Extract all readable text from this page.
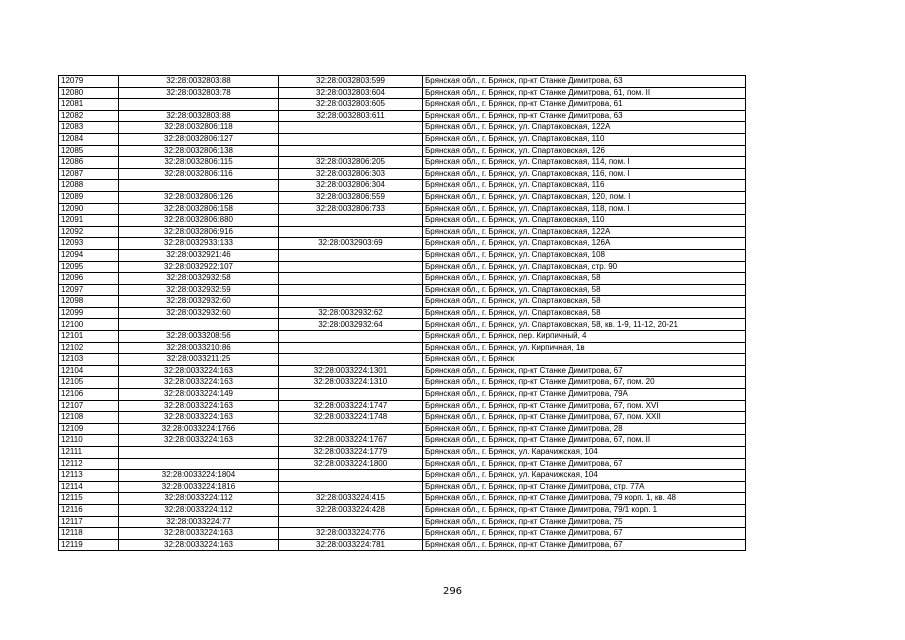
12079	32:28:0032803:88	32:28:0032803:599	Брянская обл., г. Брянск, пр-кт Станке Димитрова, 63
12080	32:28:0032803:78	32:28:0032803:604	Брянская обл., г. Брянск, пр-кт Станке Димитрова, 61, пом. II
12081		32:28:0032803:605	Брянская обл., г. Брянск, пр-кт Станке Димитрова, 61
12082	32:28:0032803:88	32:28:0032803:611	Брянская обл., г. Брянск, пр-кт Станке Димитрова, 63
12083	32:28:0032806:118		Брянская обл., г. Брянск, ул. Спартаковская, 122А
12084	32:28:0032806:127		Брянская обл., г. Брянск, ул. Спартаковская, 110
12085	32:28:0032806:138		Брянская обл., г. Брянск, ул. Спартаковская, 126
12086	32:28:0032806:115	32:28:0032806:205	Брянская обл., г. Брянск, ул. Спартаковская, 114, пом. I
12087	32:28:0032806:116	32:28:0032806:303	Брянская обл., г. Брянск, ул. Спартаковская, 116, пом. I
12088		32:28:0032806:304	Брянская обл., г. Брянск, ул. Спартаковская, 116
12089	32:28:0032806:126	32:28:0032806:559	Брянская обл., г. Брянск, ул. Спартаковская, 120, пом. I
12090	32:28:0032806:158	32:28:0032806:733	Брянская обл., г. Брянск, ул. Спартаковская, 118, пом. I
12091	32:28:0032806:880		Брянская обл., г. Брянск, ул. Спартаковская, 110
12092	32:28:0032806:916		Брянская обл., г. Брянск, ул. Спартаковская, 122А
12093	32:28:0032933:133	32:28:0032903:69	Брянская обл., г. Брянск, ул. Спартаковская, 126А
12094	32:28:0032921:46		Брянская обл., г. Брянск, ул. Спартаковская, 108
12095	32:28:0032922:107		Брянская обл., г. Брянск, ул. Спартаковская, стр. 90
12096	32:28:0032932:58		Брянская обл., г. Брянск, ул. Спартаковская, 58
12097	32:28:0032932:59		Брянская обл., г. Брянск, ул. Спартаковская, 58
12098	32:28:0032932:60		Брянская обл., г. Брянск, ул. Спартаковская, 58
12099	32:28:0032932:60	32:28:0032932:62	Брянская обл., г. Брянск, ул. Спартаковская, 58
12100		32:28:0032932:64	Брянская обл., г. Брянск, ул. Спартаковская, 58, кв. 1-9, 11-12, 20-21
12101	32:28:0033208:56		Брянская обл., г. Брянск, пер. Кирпичный, 4
12102	32:28:0033210:86		Брянская обл., г. Брянск, ул. Кирпичная, 1в
12103	32:28:0033211:25		Брянская обл., г. Брянск
12104	32:28:0033224:163	32:28:0033224:1301	Брянская обл., г. Брянск, пр-кт Станке Димитрова, 67
12105	32:28:0033224:163	32:28:0033224:1310	Брянская обл., г. Брянск, пр-кт Станке Димитрова, 67, пом. 20
12106	32:28:0033224:149		Брянская обл., г. Брянск, пр-кт Станке Димитрова, 79А
12107	32:28:0033224:163	32:28:0033224:1747	Брянская обл., г. Брянск, пр-кт Станке Димитрова, 67, пом. XVI
12108	32:28:0033224:163	32:28:0033224:1748	Брянская обл., г. Брянск, пр-кт Станке Димитрова, 67, пом. XXII
12109	32:28:0033224:1766		Брянская обл., г. Брянск, пр-кт Станке Димитрова, 28
12110	32:28:0033224:163	32:28:0033224:1767	Брянская обл., г. Брянск, пр-кт Станке Димитрова, 67, пом. II
12111		32:28:0033224:1779	Брянская обл., г. Брянск, ул. Карачижская, 104
12112		32:28:0033224:1800	Брянская обл., г. Брянск, пр-кт Станке Димитрова, 67
12113	32:28:0033224:1804		Брянская обл., г. Брянск, ул. Карачижская, 104
12114	32:28:0033224:1816		Брянская обл., г. Брянск, пр-кт Станке Димитрова, стр. 77А
12115	32:28:0033224:112	32:28:0033224:415	Брянская обл., г. Брянск, пр-кт Станке Димитрова, 79 корп. 1, кв. 48
12116	32:28:0033224:112	32:28:0033224:428	Брянская обл., г. Брянск, пр-кт Станке Димитрова, 79/1 корп. 1
12117	32:28:0033224:77		Брянская обл., г. Брянск, пр-кт Станке Димитрова, 75
12118	32:28:0033224:163	32:28:0033224:776	Брянская обл., г. Брянск, пр-кт Станке Димитрова, 67
12119	32:28:0033224:163	32:28:0033224:781	Брянская обл., г. Брянск, пр-кт Станке Димитрова, 67
296
